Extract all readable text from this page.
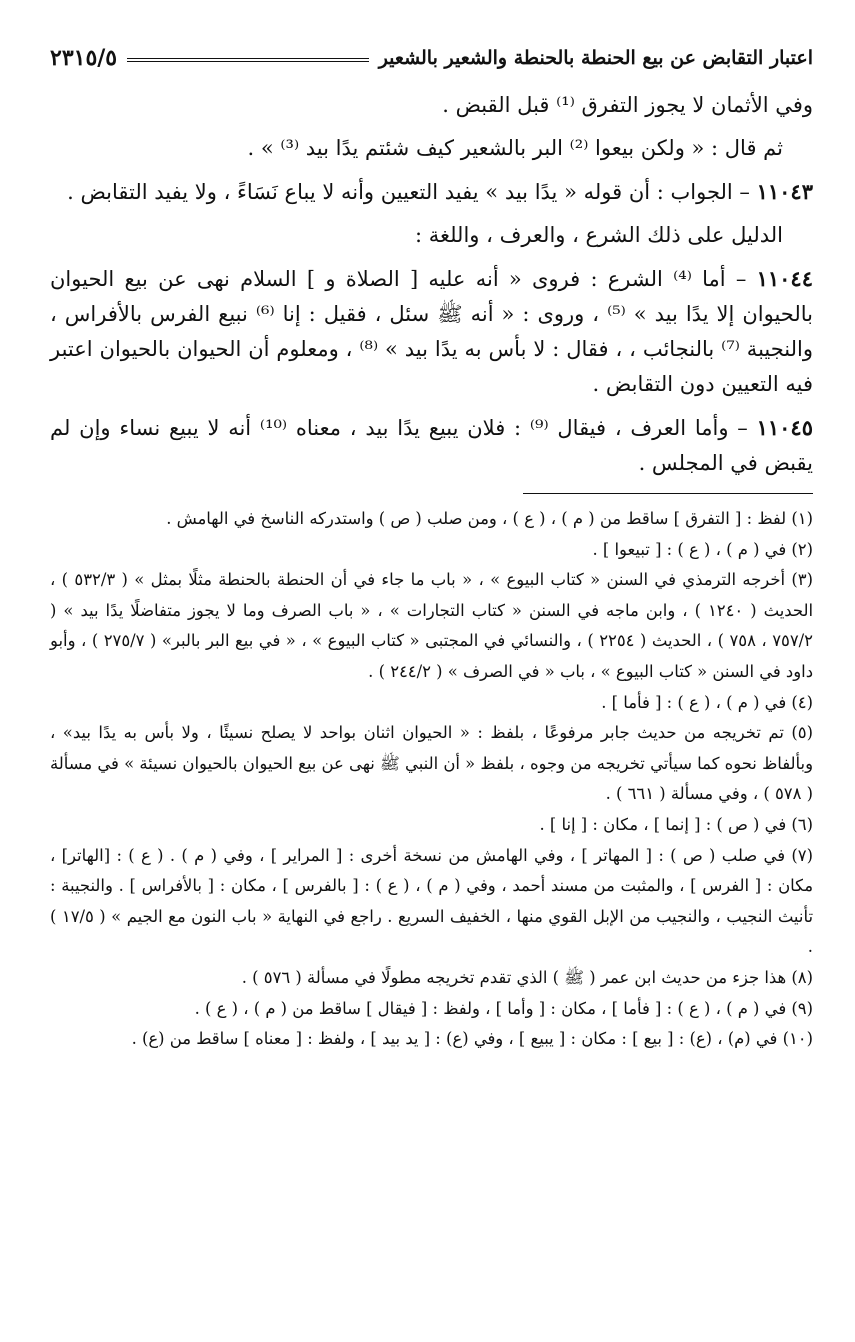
اعتبار التقابض عن بيع الحنطة بالحنطة والشعير بالشعير
٢٣١٥/٥

وفي الأثمان لا يجوز التفرق ⁽¹⁾ قبل القبض .

ثم قال : « ولكن بيعوا ⁽²⁾ البر بالشعير كيف شئتم يدًا بيد ⁽³⁾ » .

١١٠٤٣ – الجواب : أن قوله « يدًا بيد » يفيد التعيين وأنه لا يباع نَسَاءً ، ولا يفيد التقابض .

الدليل على ذلك الشرع ، والعرف ، واللغة :

١١٠٤٤ – أما ⁽⁴⁾ الشرع : فروى « أنه عليه [ الصلاة و ] السلام نهى عن بيع الحيوان بالحيوان إلا يدًا بيد » ⁽⁵⁾ ، وروى : « أنه ﷺ سئل ، فقيل : إنا ⁽⁶⁾ نبيع الفرس بالأفراس ، والنجيبة ⁽⁷⁾ بالنجائب ، ، فقال : لا بأس به يدًا بيد » ⁽⁸⁾ ، ومعلوم أن الحيوان بالحيوان اعتبر فيه التعيين دون التقابض .

١١٠٤٥ – وأما العرف ، فيقال ⁽⁹⁾ : فلان يبيع يدًا بيد ، معناه ⁽¹⁰⁾ أنه لا يبيع نساء وإن لم يقبض في المجلس .

(١) لفظ : [ التفرق ] ساقط من ( م ) ، ( ع ) ، ومن صلب ( ص ) واستدركه الناسخ في الهامش .

(٢) في ( م ) ، ( ع ) : [ تبيعوا ] .

(٣) أخرجه الترمذي في السنن « كتاب البيوع » ، « باب ما جاء في أن الحنطة بالحنطة مثلًا بمثل » ( ٥٣٢/٣ ) ، الحديث ( ١٢٤٠ ) ، وابن ماجه في السنن « كتاب التجارات » ، « باب الصرف وما لا يجوز متفاضلًا يدًا بيد » ( ٧٥٧/٢ ، ٧٥٨ ) ، الحديث ( ٢٢٥٤ ) ، والنسائي في المجتبى « كتاب البيوع » ، « في بيع البر بالبر» ( ٢٧٥/٧ ) ، وأبو داود في السنن « كتاب البيوع » ، باب « في الصرف » ( ٢٤٤/٢ ) .

(٤) في ( م ) ، ( ع ) : [ فأما ] .

(٥) تم تخريجه من حديث جابر مرفوعًا ، بلفظ : « الحيوان اثنان بواحد لا يصلح نسيئًا ، ولا بأس به يدًا بيد» ، وبألفاظ نحوه كما سيأتي تخريجه من وجوه ، بلفظ « أن النبي ﷺ نهى عن بيع الحيوان بالحيوان نسيئة » في مسألة ( ٥٧٨ ) ، وفي مسألة ( ٦٦١ ) .

(٦) في ( ص ) : [ إنما ] ، مكان : [ إنا ] .

(٧) في صلب ( ص ) : [ المهاتر ] ، وفي الهامش من نسخة أخرى : [ المراير ] ، وفي ( م ) . ( ع ) : [الهاتر] ، مكان : [ الفرس ] ، والمثبت من مسند أحمد ، وفي ( م ) ، ( ع ) : [ بالفرس ] ، مكان : [ بالأفراس ] . والنجيبة : تأنيث النجيب ، والنجيب من الإبل القوي منها ، الخفيف السريع . راجع في النهاية « باب النون مع الجيم » ( ١٧/٥ ) .

(٨) هذا جزء من حديث ابن عمر ( ﷺ ) الذي تقدم تخريجه مطولًا في مسألة ( ٥٧٦ ) .

(٩) في ( م ) ، ( ع ) : [ فأما ] ، مكان : [ وأما ] ، ولفظ : [ فيقال ] ساقط من ( م ) ، ( ع ) .

(١٠) في (م) ، (ع) : [ بيع ] : مكان : [ يبيع ] ، وفي (ع) : [ يد بيد ] ، ولفظ : [ معناه ] ساقط من (ع) .
